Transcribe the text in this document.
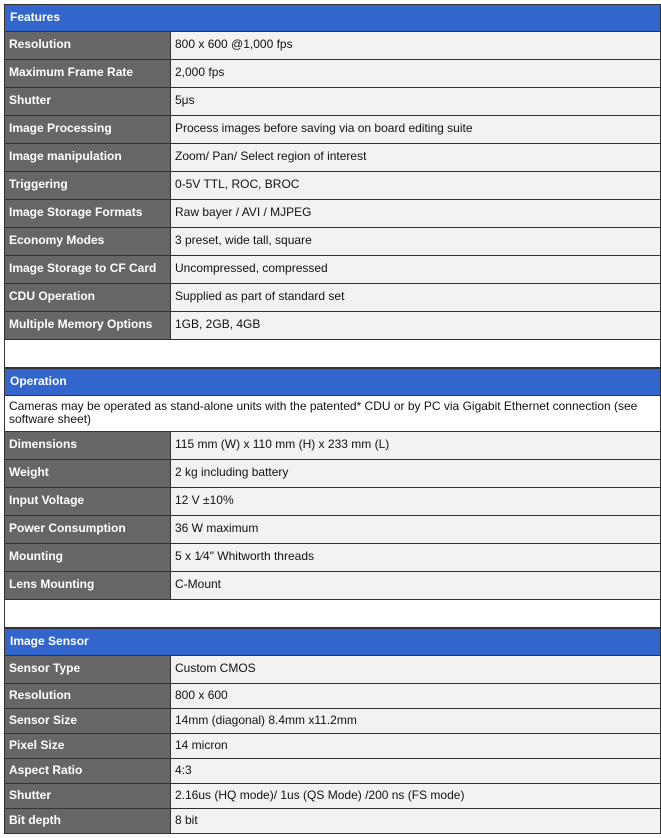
Features
Resolution	800 x 600 @1,000 fps
Maximum Frame Rate	2,000 fps
Shutter	5μs
Image Processing	Process images before saving via on board editing suite
Image manipulation	Zoom/ Pan/ Select region of interest
Triggering	0-5V TTL, ROC, BROC
Image Storage Formats	Raw bayer / AVI / MJPEG
Economy Modes	3 preset, wide tall, square
Image Storage to CF Card	Uncompressed, compressed
CDU Operation	Supplied as part of standard set
Multiple Memory Options	1GB, 2GB, 4GB
Operation
Cameras may be operated as stand-alone units with the patented* CDU or by PC via Gigabit Ethernet connection (see software sheet)
Dimensions	115 mm (W) x 110 mm (H) x 233 mm (L)
Weight	2 kg including battery
Input Voltage	12 V ±10%
Power Consumption	36 W maximum
Mounting	5 x 1⁄4" Whitworth threads
Lens Mounting	C-Mount
Image Sensor
Sensor Type	Custom CMOS
Resolution	800 x 600
Sensor Size	14mm (diagonal) 8.4mm x11.2mm
Pixel Size	14 micron
Aspect Ratio	4:3
Shutter	2.16us (HQ mode)/ 1us (QS Mode) /200 ns (FS mode)
Bit depth	8 bit
